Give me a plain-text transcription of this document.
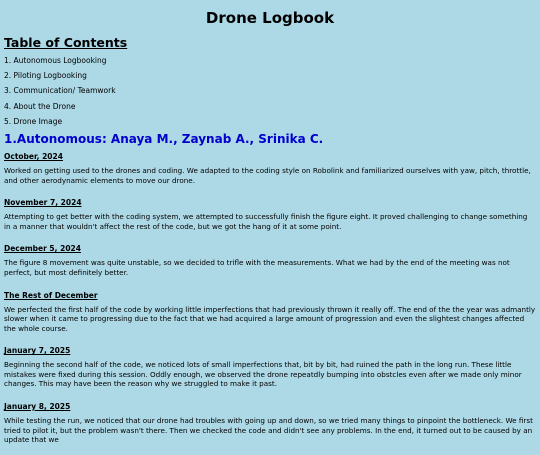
Drone Logbook
Table of Contents
1. Autonomous Logbooking
2. Piloting Logbooking
3. Communication/ Teamwork
4. About the Drone
5. Drone Image
1.Autonomous: Anaya M., Zaynab A., Srinika C.

October, 2024

Worked on getting used to the drones and coding. We adapted to the coding style on Robolink and familiarized ourselves with yaw, pitch, throttle, and other aerodynamic elements to move our drone.

November 7, 2024

Attempting to get better with the coding system, we attempted to successfully finish the figure eight. It proved challenging to change something in a manner that wouldn't affect the rest of the code, but we got the hang of it at some point.

December 5, 2024

The figure 8 movement was quite unstable, so we decided to trifle with the measurements. What we had by the end of the meeting was not perfect, but most definitely better.

The Rest of December

We perfected the first half of the code by working little imperfections that had previously thrown it really off. The end of the the year was admantly slower when it came to progressing due to the fact that we had acquired a large amount of progression and even the slightest changes affected the whole course.

January 7, 2025

Beginning the second half of the code, we noticed lots of small imperfections that, bit by bit, had ruined the path in the long run. These little mistakes were fixed during this session. Oddly enough, we observed the drone repeatdly bumping into obstcles even after we made only minor changes. This may have been the reason why we struggled to make it past.

January 8, 2025

While testing the run, we noticed that our drone had troubles with going up and down, so we tried many things to pinpoint the bottleneck. We first tried to pilot it, but the problem wasn't there. Then we checked the code and didn't see any problems. In the end, it turned out to be caused by an update that we
